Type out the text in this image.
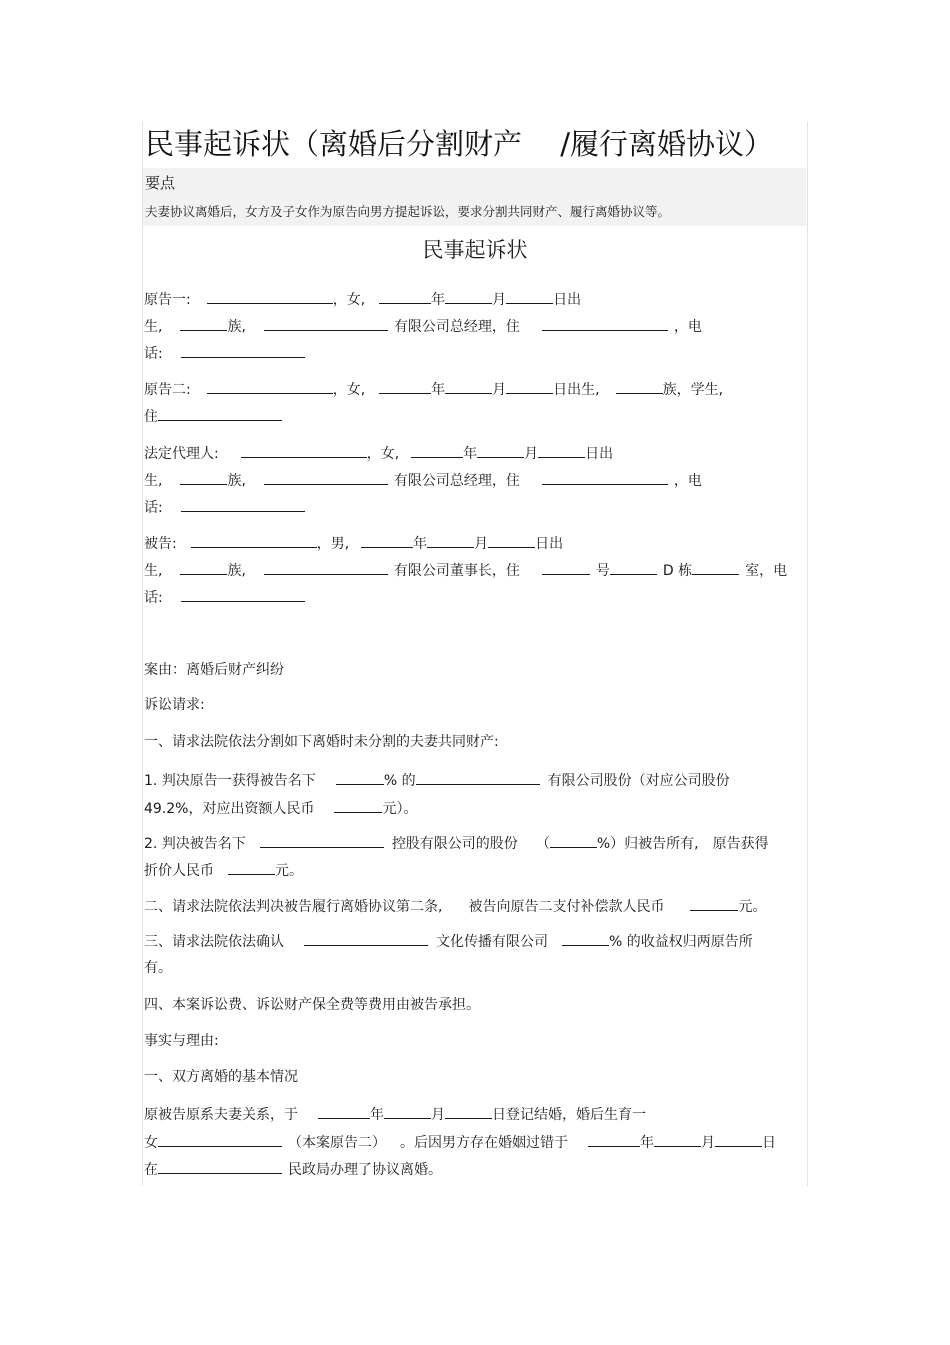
民事起诉状（离婚后分割财产　 /履行离婚协议）
要点
夫妻协议离婚后，女方及子女作为原告向男方提起诉讼，要求分割共同财产、履行离婚协议等。
民事起诉状
原告一:	，女,	年	月	日出
生,	族,	有限公司总经理，住	，电
话:
原告二:	，女,	年	月	日出生,	族，学生,
住
法定代理人:	，女,	年	月	日出
生,	族,	有限公司总经理，住	，电
话:
被告:	，男,	年	月	日出
生,	族,	有限公司董事长，住	号	D 栋	室，电
话:
案由：离婚后财产纠纷
诉讼请求:
一、请求法院依法分割如下离婚时未分割的夫妻共同财产:
1. 判决原告一获得被告名下	% 的	有限公司股份（对应公司股份
49.2%，对应出资额人民币	元）。
2. 判决被告名下	控股有限公司的股份 （	%）归被告所有, 原告获得
折价人民币	元。
二、请求法院依法判决被告履行离婚协议第二条, 被告向原告二支付补偿款人民币	元。
三、请求法院依法确认	文化传播有限公司	% 的收益权归两原告所
有。
四、本案诉讼费、诉讼财产保全费等费用由被告承担。
事实与理由:
一、双方离婚的基本情况
原被告原系夫妻关系，于	年	月	日登记结婚，婚后生育一
女	（本案原告二） 。后因男方存在婚姻过错于	年	月	日
在	民政局办理了协议离婚。
